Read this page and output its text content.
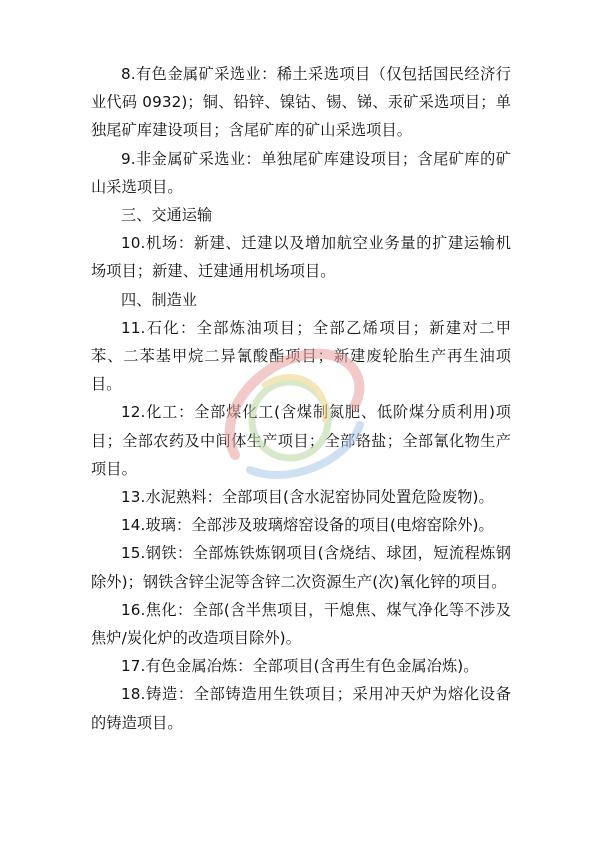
8.有色金属矿采选业：稀土采选项目（仅包括国民经济行业代码 0932)；铜、铅锌、镍钴、锡、锑、汞矿采选项目；单独尾矿库建设项目；含尾矿库的矿山采选项目。

9.非金属矿采选业：单独尾矿库建设项目；含尾矿库的矿山采选项目。

三、交通运输

10.机场：新建、迁建以及增加航空业务量的扩建运输机场项目；新建、迁建通用机场项目。

四、制造业

11.石化：全部炼油项目；全部乙烯项目；新建对二甲苯、二苯基甲烷二异氰酸酯项目；新建废轮胎生产再生油项目。

12.化工：全部煤化工(含煤制氮肥、低阶煤分质利用)项目；全部农药及中间体生产项目；全部铬盐；全部氰化物生产项目。

13.水泥熟料：全部项目(含水泥窑协同处置危险废物)。

14.玻璃：全部涉及玻璃熔窑设备的项目(电熔窑除外)。

15.钢铁：全部炼铁炼钢项目(含烧结、球团，短流程炼钢除外)；钢铁含锌尘泥等含锌二次资源生产(次)氧化锌的项目。

16.焦化：全部(含半焦项目，干熄焦、煤气净化等不涉及焦炉/炭化炉的改造项目除外)。

17.有色金属冶炼：全部项目(含再生有色金属冶炼)。

18.铸造：全部铸造用生铁项目；采用冲天炉为熔化设备的铸造项目。
